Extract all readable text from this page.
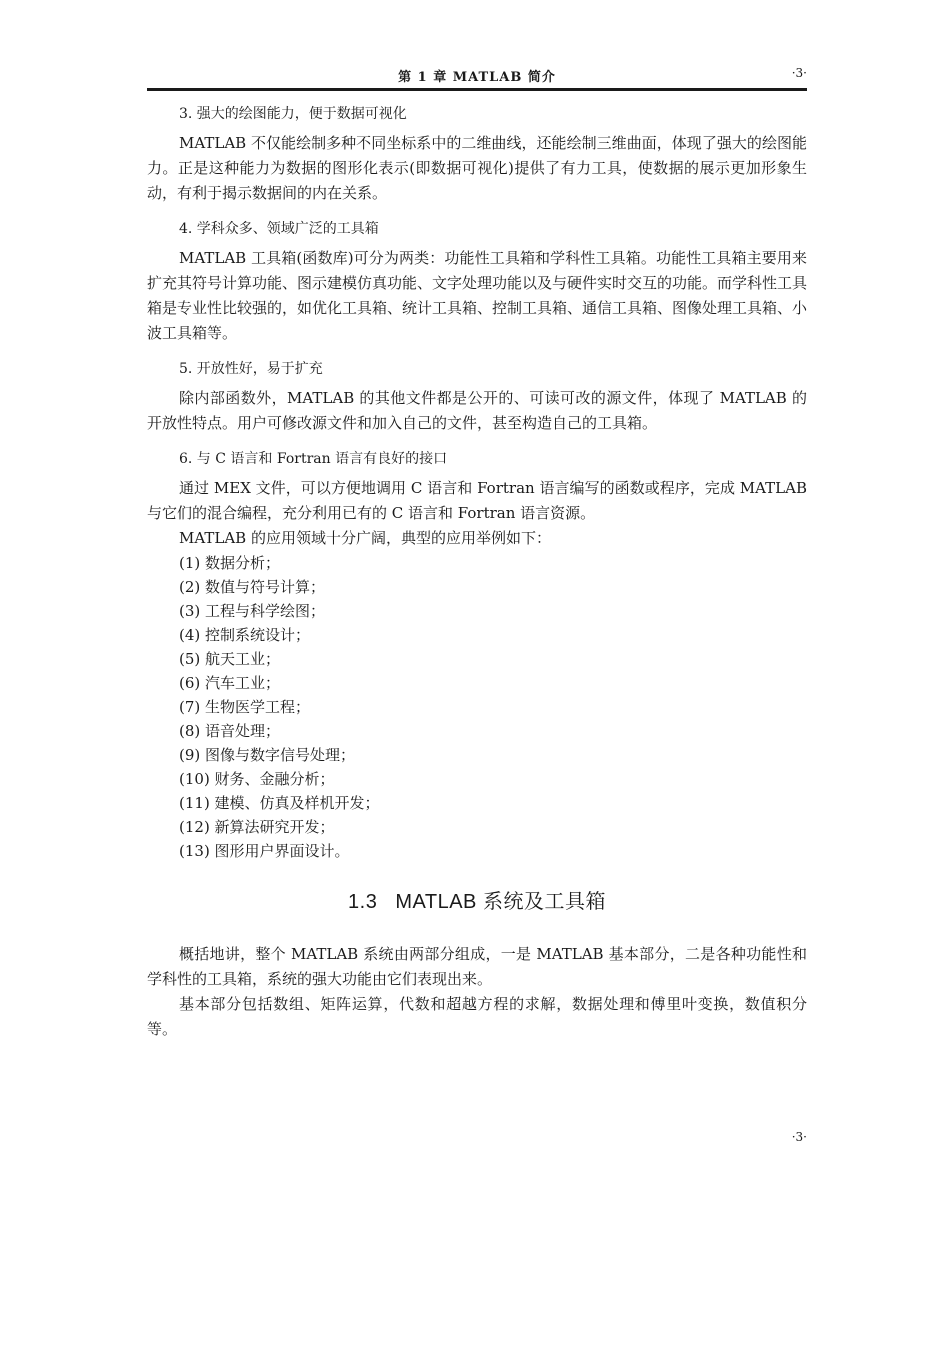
第 1 章 MATLAB 简介	·3·
3. 强大的绘图能力，便于数据可视化

MATLAB 不仅能绘制多种不同坐标系中的二维曲线，还能绘制三维曲面，体现了强大的绘图能力。正是这种能力为数据的图形化表示(即数据可视化)提供了有力工具，使数据的展示更加形象生动，有利于揭示数据间的内在关系。

4. 学科众多、领域广泛的工具箱

MATLAB 工具箱(函数库)可分为两类：功能性工具箱和学科性工具箱。功能性工具箱主要用来扩充其符号计算功能、图示建模仿真功能、文字处理功能以及与硬件实时交互的功能。而学科性工具箱是专业性比较强的，如优化工具箱、统计工具箱、控制工具箱、通信工具箱、图像处理工具箱、小波工具箱等。

5. 开放性好，易于扩充

除内部函数外，MATLAB 的其他文件都是公开的、可读可改的源文件，体现了 MATLAB 的开放性特点。用户可修改源文件和加入自己的文件，甚至构造自己的工具箱。

6. 与 C 语言和 Fortran 语言有良好的接口

通过 MEX 文件，可以方便地调用 C 语言和 Fortran 语言编写的函数或程序，完成 MATLAB 与它们的混合编程，充分利用已有的 C 语言和 Fortran 语言资源。

MATLAB 的应用领域十分广阔，典型的应用举例如下：

(1) 数据分析；
(2) 数值与符号计算；
(3) 工程与科学绘图；
(4) 控制系统设计；
(5) 航天工业；
(6) 汽车工业；
(7) 生物医学工程；
(8) 语音处理；
(9) 图像与数字信号处理；
(10) 财务、金融分析；
(11) 建模、仿真及样机开发；
(12) 新算法研究开发；
(13) 图形用户界面设计。
1.3 MATLAB 系统及工具箱

概括地讲，整个 MATLAB 系统由两部分组成，一是 MATLAB 基本部分，二是各种功能性和学科性的工具箱，系统的强大功能由它们表现出来。

基本部分包括数组、矩阵运算，代数和超越方程的求解，数据处理和傅里叶变换，数值积分等。

·3·
